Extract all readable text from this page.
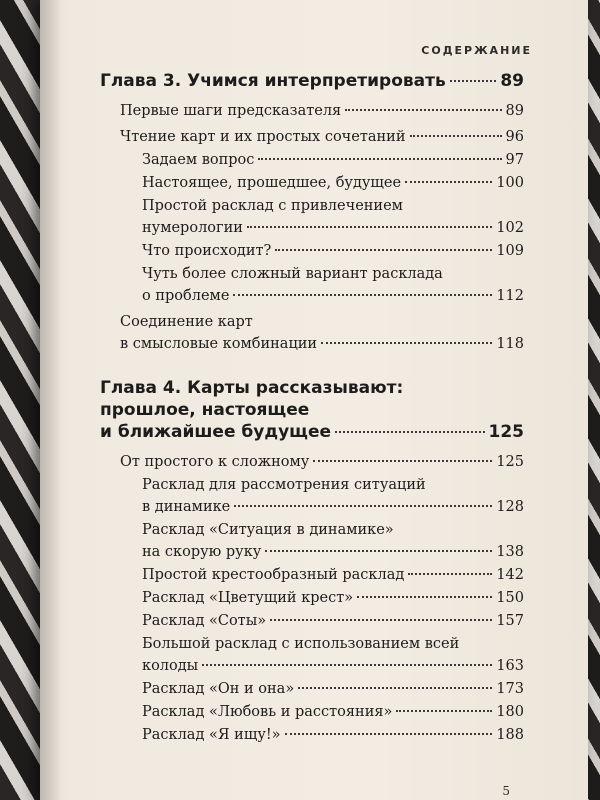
СОДЕРЖАНИЕ
Глава 3. Учимся интерпретировать	89
Первые шаги предсказателя	89
Чтение карт и их простых сочетаний	96
Задаем вопрос	97
Настоящее, прошедшее, будущее	100
Простой расклад с привлечением
нумерологии	102
Что происходит?	109
Чуть более сложный вариант расклада
о проблеме	112
Соединение карт
в смысловые комбинации	118
Глава 4. Карты рассказывают:
прошлое, настоящее
и ближайшее будущее	125
От простого к сложному	125
Расклад для рассмотрения ситуаций
в динамике	128
Расклад «Ситуация в динамике»
на скорую руку	138
Простой крестообразный расклад	142
Расклад «Цветущий крест»	150
Расклад «Соты»	157
Большой расклад с использованием всей
колоды	163
Расклад «Он и она»	173
Расклад «Любовь и расстояния»	180
Расклад «Я ищу!»	188
5
